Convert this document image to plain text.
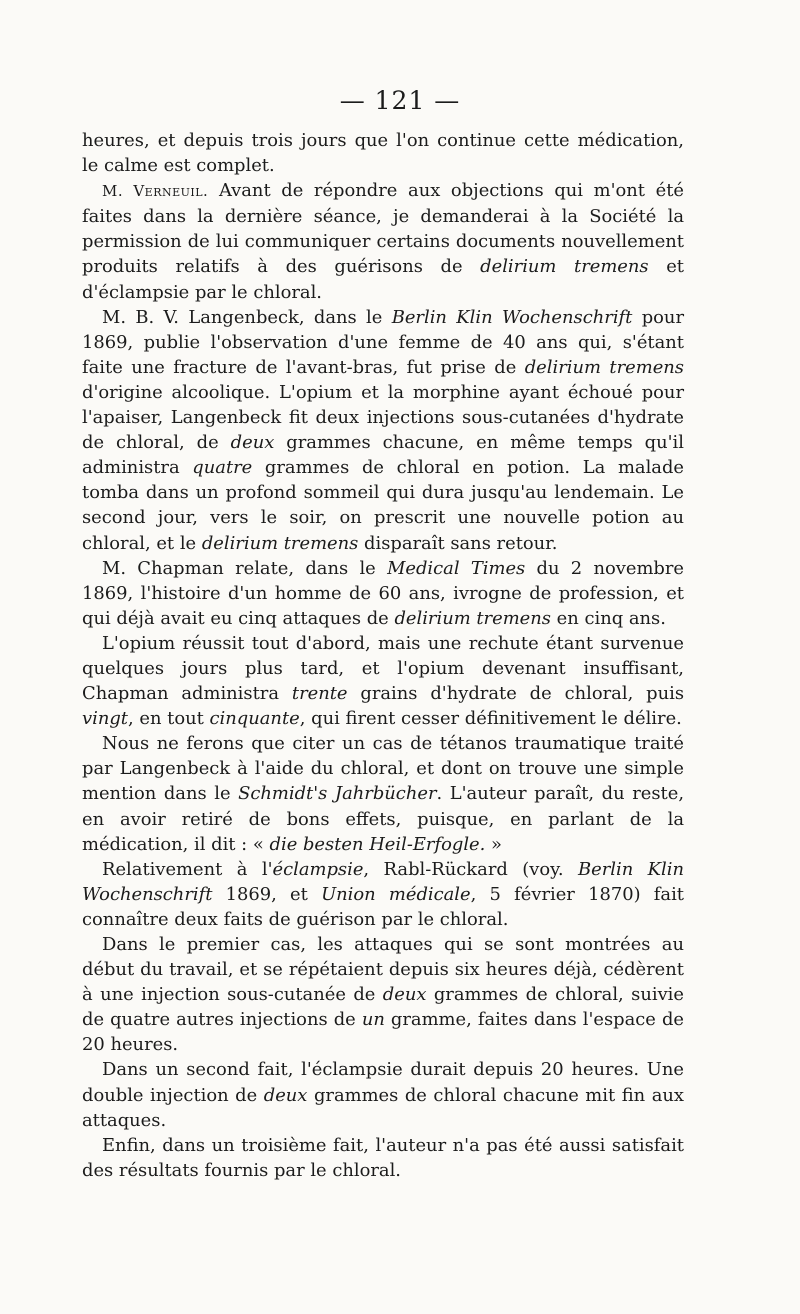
— 121 —

heures, et depuis trois jours que l'on continue cette médication, le calme est complet.

M. Verneuil. Avant de répondre aux objections qui m'ont été faites dans la dernière séance, je demanderai à la Société la permission de lui communiquer certains documents nouvellement produits relatifs à des guérisons de delirium tremens et d'éclampsie par le chloral.

M. B. V. Langenbeck, dans le Berlin Klin Wochenschrift pour 1869, publie l'observation d'une femme de 40 ans qui, s'étant faite une fracture de l'avant-bras, fut prise de delirium tremens d'origine alcoolique. L'opium et la morphine ayant échoué pour l'apaiser, Langenbeck fit deux injections sous-cutanées d'hydrate de chloral, de deux grammes chacune, en même temps qu'il administra quatre grammes de chloral en potion. La malade tomba dans un profond sommeil qui dura jusqu'au lendemain. Le second jour, vers le soir, on prescrit une nouvelle potion au chloral, et le delirium tremens disparaît sans retour.

M. Chapman relate, dans le Medical Times du 2 novembre 1869, l'histoire d'un homme de 60 ans, ivrogne de profession, et qui déjà avait eu cinq attaques de delirium tremens en cinq ans.

L'opium réussit tout d'abord, mais une rechute étant survenue quelques jours plus tard, et l'opium devenant insuffisant, Chapman administra trente grains d'hydrate de chloral, puis vingt, en tout cinquante, qui firent cesser définitivement le délire.

Nous ne ferons que citer un cas de tétanos traumatique traité par Langenbeck à l'aide du chloral, et dont on trouve une simple mention dans le Schmidt's Jahrbücher. L'auteur paraît, du reste, en avoir retiré de bons effets, puisque, en parlant de la médication, il dit : « die besten Heil-Erfogle. »

Relativement à l'éclampsie, Rabl-Rückard (voy. Berlin Klin Wochenschrift 1869, et Union médicale, 5 février 1870) fait connaître deux faits de guérison par le chloral.

Dans le premier cas, les attaques qui se sont montrées au début du travail, et se répétaient depuis six heures déjà, cédèrent à une injection sous-cutanée de deux grammes de chloral, suivie de quatre autres injections de un gramme, faites dans l'espace de 20 heures.

Dans un second fait, l'éclampsie durait depuis 20 heures. Une double injection de deux grammes de chloral chacune mit fin aux attaques.

Enfin, dans un troisième fait, l'auteur n'a pas été aussi satisfait des résultats fournis par le chloral.
